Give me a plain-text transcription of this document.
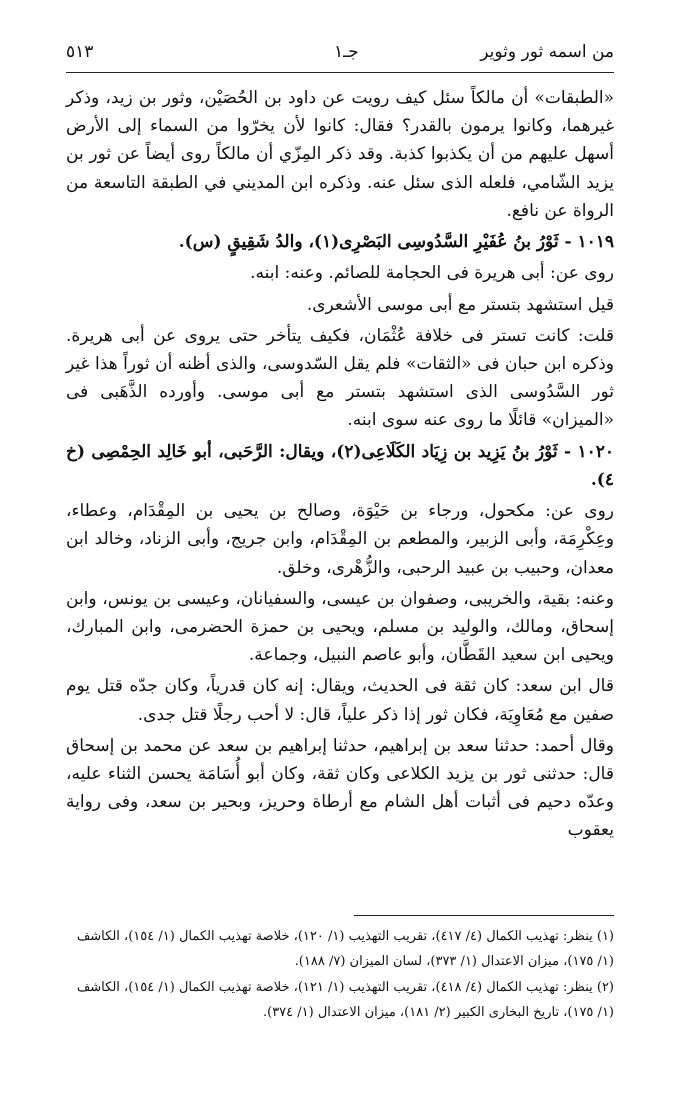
من اسمه ثور وثوير
جـ١
٥١٣

«الطبقات» أن مالكاً سئل كيف رويت عن داود بن الحُصَيْن، وثور بن زيد، وذكر غيرهما، وكانوا يرمون بالقدر؟ فقال: كانوا لأن يخرّوا من السماء إلى الأرض أسهل عليهم من أن يكذبوا كذبة. وقد ذكر المِزّي أن مالكاً روى أيضاً عن ثور بن يزيد الشّامي، فلعله الذى سئل عنه. وذكره ابن المديني في الطبقة التاسعة من الرواة عن نافع.

١٠١٩ - ثَوْرُ بنُ عُفَيْرِ السَّدُوسِى البَصْرِى(١)، والدُ شَقِيقٍ (س).

روى عن: أبى هريرة فى الحجامة للصائم. وعنه: ابنه.

قيل استشهد بتستر مع أبى موسى الأشعرى.

قلت: كانت تستر فى خلافة عُثْمَان، فكيف يتأخر حتى يروى عن أبى هريرة. وذكره ابن حبان فى «الثقات» فلم يقل السّدوسى، والذى أظنه أن ثوراً هذا غير ثور السَّدُوسى الذى استشهد بتستر مع أبى موسى. وأورده الذَّهَبى فى «الميزان» قائلًا ما روى عنه سوى ابنه.

١٠٢٠ - ثَوْرُ بنُ يَزِيد بن زِيَاد الكَلَاعِى(٢)، ويقال: الرَّحَبى، أبو خَالِد الحِمْصِى (خ ٤).

روى عن: مكحول، ورجاء بن حَيْوَة، وصالح بن يحيى بن المِقْدَام، وعطاء، وعِكْرِمَة، وأبى الزبير، والمطعم بن المِقْدَام، وابن جريج، وأبى الزناد، وخالد ابن معدان، وحبيب بن عبيد الرحبى، والزُّهْرى، وخلق.

وعنه: بقية، والخريبى، وصفوان بن عيسى، والسفيانان، وعيسى بن يونس، وابن إسحاق، ومالك، والوليد بن مسلم، ويحيى بن حمزة الحضرمى، وابن المبارك، ويحيى ابن سعيد القَطَّان، وأبو عاصم النبيل، وجماعة.

قال ابن سعد: كان ثقة فى الحديث، ويقال: إنه كان قدرياً، وكان جدّه قتل يوم صفين مع مُعَاوِيَة، فكان ثور إذا ذكر علياً، قال: لا أحب رجلًا قتل جدى.

وقال أحمد: حدثنا سعد بن إبراهيم، حدثنا إبراهيم بن سعد عن محمد بن إسحاق قال: حدثنى ثور بن يزيد الكلاعى وكان ثقة، وكان أبو أُسَامَة يحسن الثناء عليه، وعدّه دحيم فى أثبات أهل الشام مع أرطاة وحريز، وبحير بن سعد، وفى رواية يعقوب

(١) ينظر: تهذيب الكمال (٤/ ٤١٧)، تقريب التهذيب (١/ ١٢٠)، خلاصة تهذيب الكمال (١/ ١٥٤)، الكاشف (١/ ١٧٥)، ميزان الاعتدال (١/ ٣٧٣)، لسان الميزان (٧/ ١٨٨).

(٢) ينظر: تهذيب الكمال (٤/ ٤١٨)، تقريب التهذيب (١/ ١٢١)، خلاصة تهذيب الكمال (١/ ١٥٤)، الكاشف (١/ ١٧٥)، تاريخ البخارى الكبير (٢/ ١٨١)، ميزان الاعتدال (١/ ٣٧٤).
